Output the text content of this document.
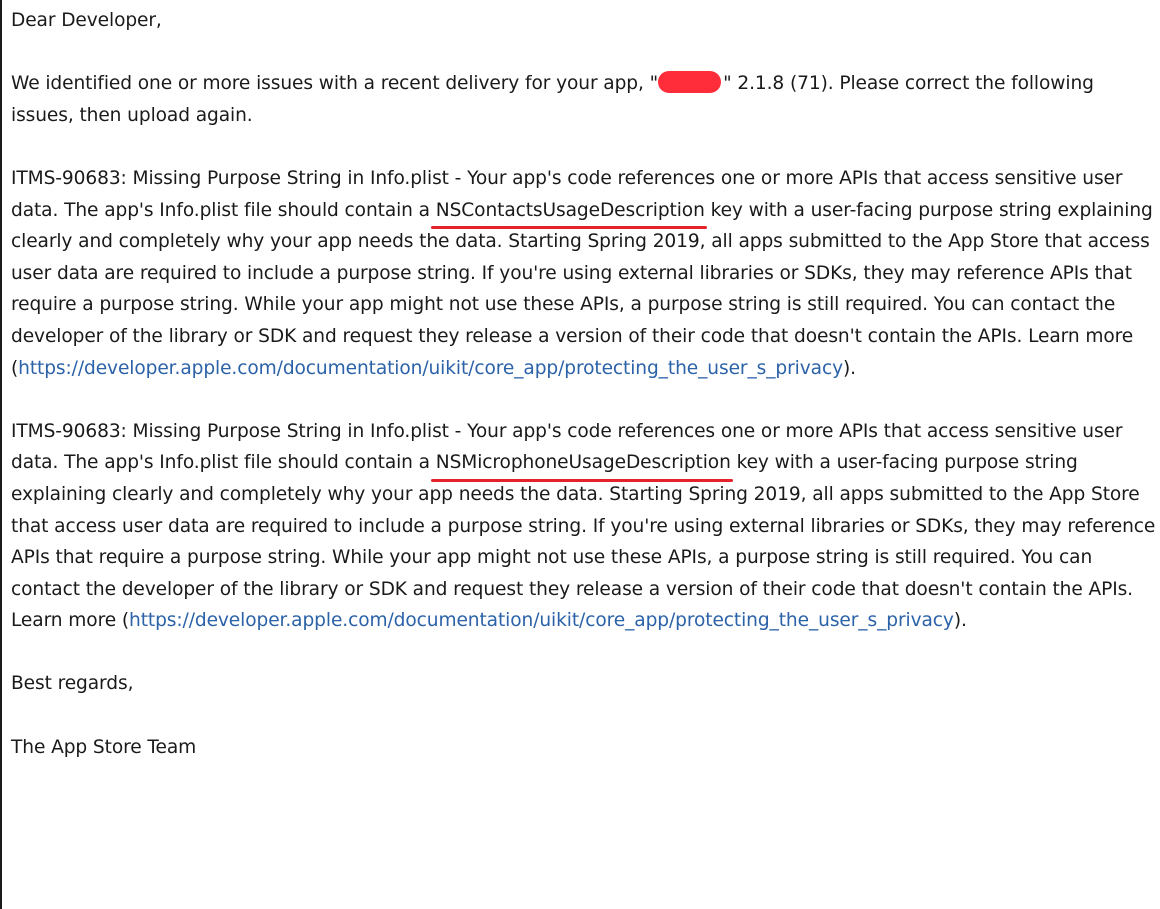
Dear Developer,

We identified one or more issues with a recent delivery for your app, "	" 2.1.8 (71). Please correct the following issues, then upload again.

ITMS-90683: Missing Purpose String in Info.plist - Your app's code references one or more APIs that access sensitive user data. The app's Info.plist file should contain a NSContactsUsageDescription key with a user-facing purpose string explaining clearly and completely why your app needs the data. Starting Spring 2019, all apps submitted to the App Store that access user data are required to include a purpose string. If you're using external libraries or SDKs, they may reference APIs that require a purpose string. While your app might not use these APIs, a purpose string is still required. You can contact the developer of the library or SDK and request they release a version of their code that doesn't contain the APIs. Learn more (https://developer.apple.com/documentation/uikit/core_app/protecting_the_user_s_privacy).

ITMS-90683: Missing Purpose String in Info.plist - Your app's code references one or more APIs that access sensitive user data. The app's Info.plist file should contain a NSMicrophoneUsageDescription key with a user-facing purpose string explaining clearly and completely why your app needs the data. Starting Spring 2019, all apps submitted to the App Store that access user data are required to include a purpose string. If you're using external libraries or SDKs, they may reference APIs that require a purpose string. While your app might not use these APIs, a purpose string is still required. You can contact the developer of the library or SDK and request they release a version of their code that doesn't contain the APIs. Learn more (https://developer.apple.com/documentation/uikit/core_app/protecting_the_user_s_privacy).

Best regards,

The App Store Team
